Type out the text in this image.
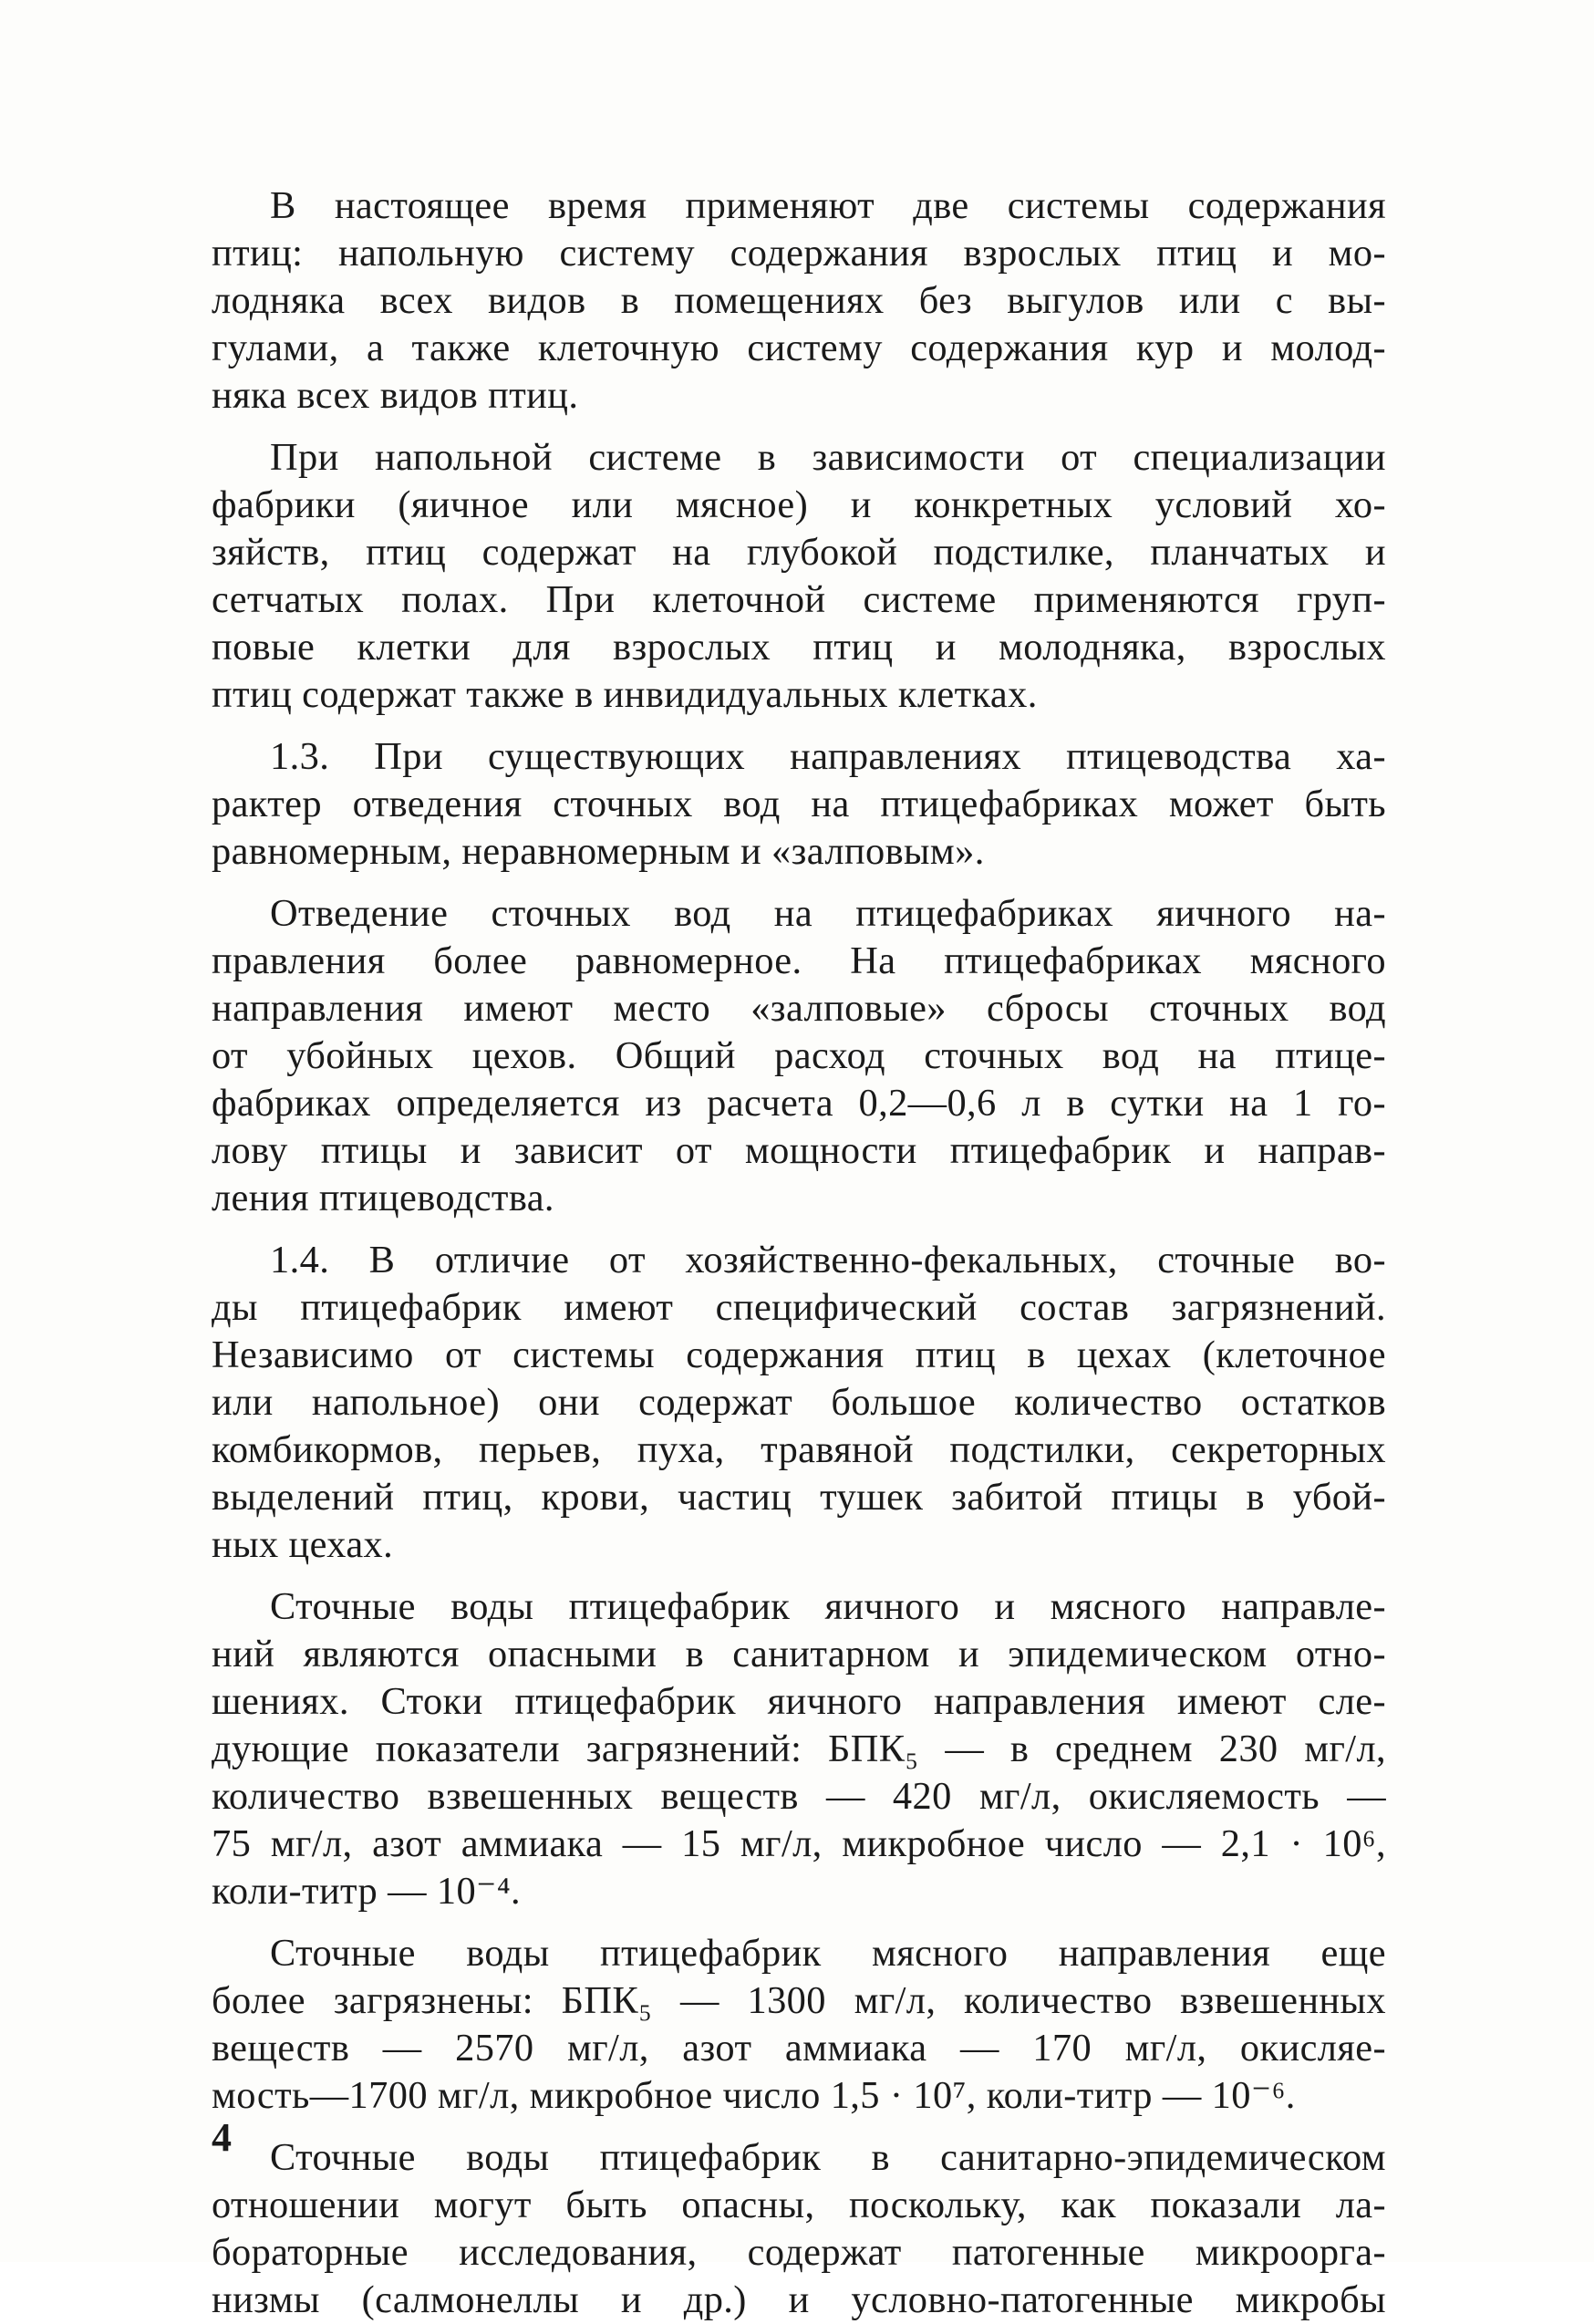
В настоящее время применяют две системы содержания
птиц: напольную систему содержания взрослых птиц и мо-
лодняка всех видов в помещениях без выгулов или с вы-
гулами, а также клеточную систему содержания кур и молод-
няка всех видов птиц.

При напольной системе в зависимости от специализации
фабрики (яичное или мясное) и конкретных условий хо-
зяйств, птиц содержат на глубокой подстилке, планчатых и
сетчатых полах. При клеточной системе применяются груп-
повые клетки для взрослых птиц и молодняка, взрослых
птиц содержат также в инвидидуальных клетках.

1.3. При существующих направлениях птицеводства ха-
рактер отведения сточных вод на птицефабриках может быть
равномерным, неравномерным и «залповым».

Отведение сточных вод на птицефабриках яичного на-
правления более равномерное. На птицефабриках мясного
направления имеют место «залповые» сбросы сточных вод
от убойных цехов. Общий расход сточных вод на птице-
фабриках определяется из расчета 0,2—0,6 л в сутки на 1 го-
лову птицы и зависит от мощности птицефабрик и направ-
ления птицеводства.

1.4. В отличие от хозяйственно-фекальных, сточные во-
ды птицефабрик имеют специфический состав загрязнений.
Независимо от системы содержания птиц в цехах (клеточное
или напольное) они содержат большое количество остатков
комбикормов, перьев, пуха, травяной подстилки, секреторных
выделений птиц, крови, частиц тушек забитой птицы в убой-
ных цехах.

Сточные воды птицефабрик яичного и мясного направле-
ний являются опасными в санитарном и эпидемическом отно-
шениях. Стоки птицефабрик яичного направления имеют сле-
дующие показатели загрязнений: БПК₅ — в среднем 230 мг/л,
количество взвешенных веществ — 420 мг/л, окисляемость —
75 мг/л, азот аммиака — 15 мг/л, микробное число — 2,1 · 10⁶,
коли-титр — 10⁻⁴.

Сточные воды птицефабрик мясного направления еще
более загрязнены: БПК₅ — 1300 мг/л, количество взвешенных
веществ — 2570 мг/л, азот аммиака — 170 мг/л, окисляе-
мость—1700 мг/л, микробное число 1,5 · 10⁷, коли-титр — 10⁻⁶.

Сточные воды птицефабрик в санитарно-эпидемическом
отношении могут быть опасны, поскольку, как показали ла-
бораторные исследования, содержат патогенные микроорга-
низмы (салмонеллы и др.) и условно-патогенные микробы

4
